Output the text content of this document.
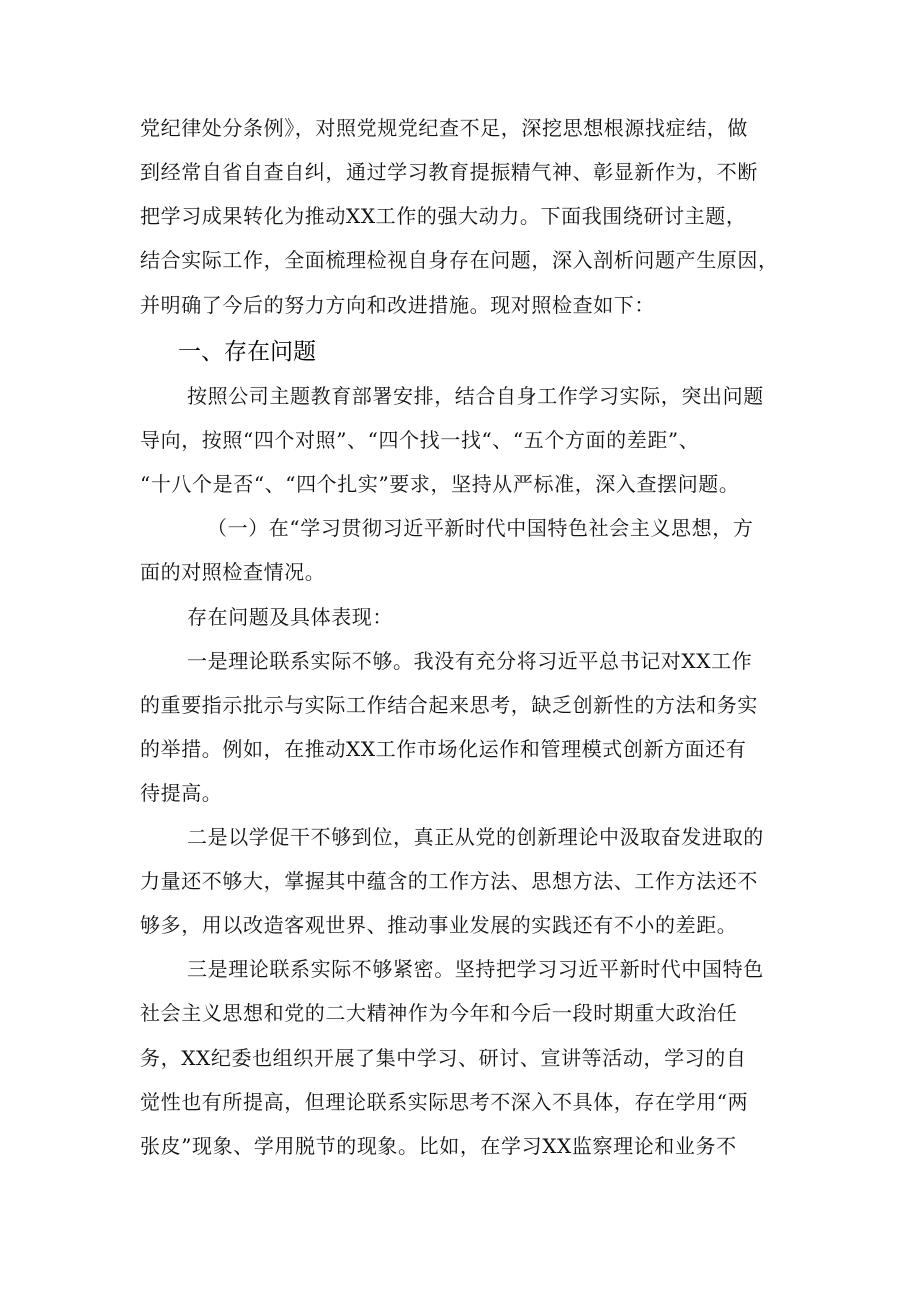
党纪律处分条例》，对照党规党纪查不足，深挖思想根源找症结，做
到经常自省自查自纠，通过学习教育提振精气神、彰显新作为，不断
把学习成果转化为推动XX工作的强大动力。下面我围绕研讨主题，
结合实际工作，全面梳理检视自身存在问题，深入剖析问题产生原因，
并明确了今后的努力方向和改进措施。现对照检查如下：
一、存在问题
按照公司主题教育部署安排，结合自身工作学习实际，突出问题
导向，按照“四个对照”、“四个找一找“、“五个方面的差距”、
“十八个是否“、“四个扎实”要求，坚持从严标准，深入查摆问题。
（一）在“学习贯彻习近平新时代中国特色社会主义思想，方
面的对照检查情况。
存在问题及具体表现：
一是理论联系实际不够。我没有充分将习近平总书记对XX工作
的重要指示批示与实际工作结合起来思考，缺乏创新性的方法和务实
的举措。例如，在推动XX工作市场化运作和管理模式创新方面还有
待提高。
二是以学促干不够到位，真正从党的创新理论中汲取奋发进取的
力量还不够大，掌握其中蕴含的工作方法、思想方法、工作方法还不
够多，用以改造客观世界、推动事业发展的实践还有不小的差距。
三是理论联系实际不够紧密。坚持把学习习近平新时代中国特色
社会主义思想和党的二大精神作为今年和今后一段时期重大政治任
务，XX纪委也组织开展了集中学习、研讨、宣讲等活动，学习的自
觉性也有所提高，但理论联系实际思考不深入不具体，存在学用“两
张皮”现象、学用脱节的现象。比如，在学习XX监察理论和业务不
